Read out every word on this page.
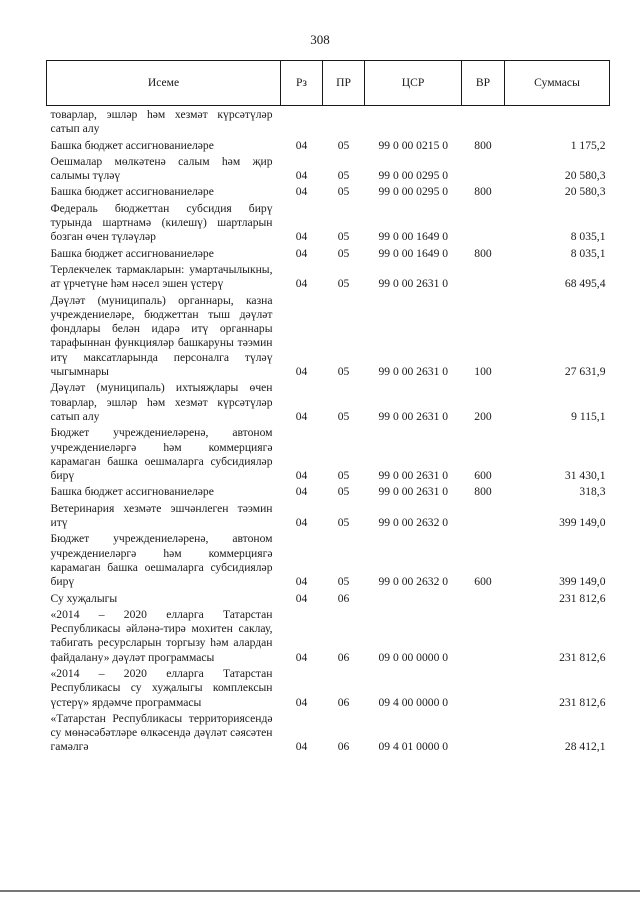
308
Исеме	Рз	ПР	ЦСР	ВР	Суммасы
товарлар, эшләр һәм хезмәт күрсәтүләр сатып алу					
Башка бюджет ассигнованиеләре	04	05	99 0 00 0215 0	800	1 175,2
Оешмалар мөлкәтенә салым һәм җир салымы түләү	04	05	99 0 00 0295 0		20 580,3
Башка бюджет ассигнованиеләре	04	05	99 0 00 0295 0	800	20 580,3
Федераль бюджеттан субсидия бирү турында шартнамә (килешү) шартларын бозган өчен түләүләр	04	05	99 0 00 1649 0		8 035,1
Башка бюджет ассигнованиеләре	04	05	99 0 00 1649 0	800	8 035,1
Терлекчелек тармакларын: умартачылыкны, ат үрчетүне һәм нәсел эшен үстерү	04	05	99 0 00 2631 0		68 495,4
Дәүләт (муниципаль) органнары, казна учреждениеләре, бюджеттан тыш дәүләт фондлары белән идарә итү органнары тарафыннан функцияләр башкаруны тәэмин итү максатларында персоналга түләү чыгымнары	04	05	99 0 00 2631 0	100	27 631,9
Дәүләт (муниципаль) ихтыяҗлары өчен товарлар, эшләр һәм хезмәт күрсәтүләр сатып алу	04	05	99 0 00 2631 0	200	9 115,1
Бюджет учреждениеләренә, автоном учреждениеләргә һәм коммерциягә карамаган башка оешмаларга субсидияләр бирү	04	05	99 0 00 2631 0	600	31 430,1
Башка бюджет ассигнованиеләре	04	05	99 0 00 2631 0	800	318,3
Ветеринария хезмәте эшчәнлеген тәэмин итү	04	05	99 0 00 2632 0		399 149,0
Бюджет учреждениеләренә, автоном учреждениеләргә һәм коммерциягә карамаган башка оешмаларга субсидияләр бирү	04	05	99 0 00 2632 0	600	399 149,0
Су хуҗалыгы	04	06			231 812,6
«2014 – 2020 елларга Татарстан Республикасы әйләнә-тирә мохитен саклау, табигать ресурсларын торгызу һәм алардан файдалану» дәүләт программасы	04	06	09 0 00 0000 0		231 812,6
«2014 – 2020 елларга Татарстан Республикасы су хуҗалыгы комплексын үстерү» ярдәмче программасы	04	06	09 4 00 0000 0		231 812,6
«Татарстан Республикасы территориясендә су мөнәсәбәтләре өлкәсендә дәүләт сәясәтен гамәлгә	04	06	09 4 01 0000 0		28 412,1
